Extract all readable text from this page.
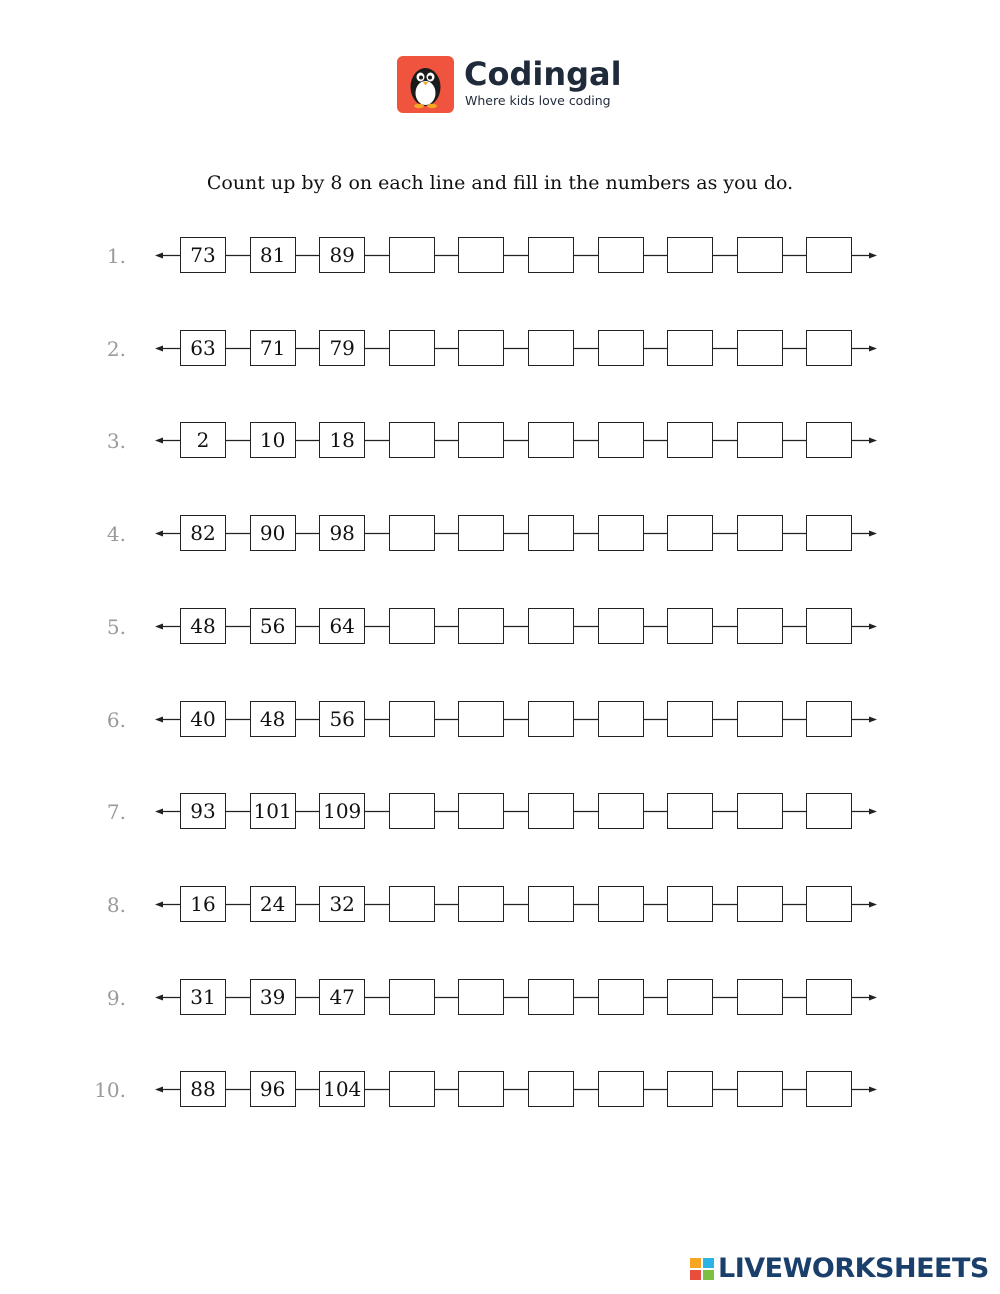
Codingal
Where kids love coding
Count up by 8 on each line and fill in the numbers as you do.
1.	73	81	89
2.	63	71	79
3.	2	10	18
4.	82	90	98
5.	48	56	64
6.	40	48	56
7.	93	101 109
8.	16	24	32
9.	31	39	47
10.	88	96	104
LIVEWORKSHEETS
